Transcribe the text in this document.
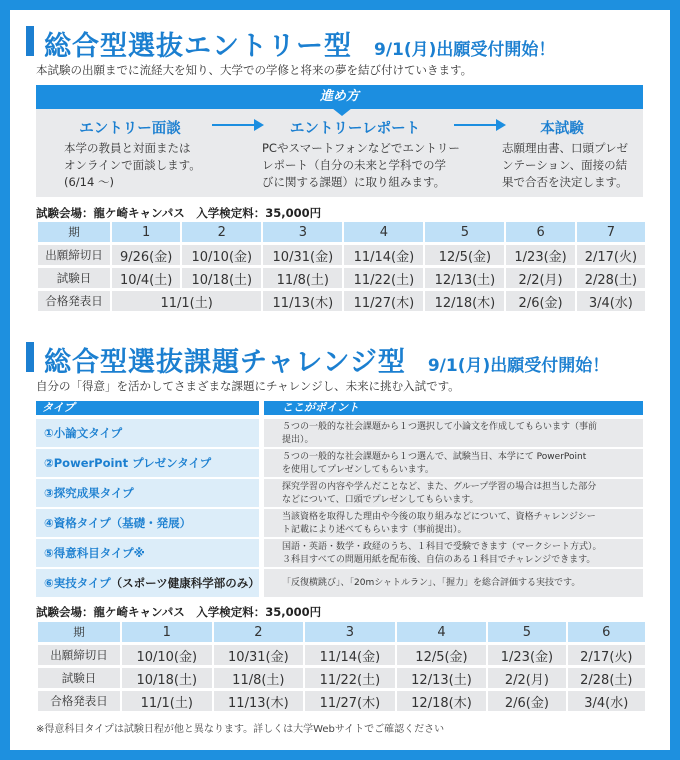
総合型選抜エントリー型 9/1(月)出願受付開始！
本試験の出願までに流経大を知り、大学での学修と将来の夢を結び付けていきます。
進め方
エントリー面談
本学の教員と対面または
オンラインで面談します。
(6/14 〜)
エントリーレポート
PCやスマートフォンなどでエントリー
レポート（自分の未来と学科での学
びに関する課題）に取り組みます。
本試験
志願理由書、口頭プレゼ
ンテーション、面接の結
果で合否を決定します。
試験会場：龍ケ崎キャンパス　入学検定料：35,000円
期	1	2	3	4	5	6	7
出願締切日	9/26(金)	10/10(金)	10/31(金)	11/14(金)	12/5(金)	1/23(金)	2/17(火)
試験日	10/4(土)	10/18(土)	11/8(土)	11/22(土)	12/13(土)	2/2(月)	2/28(土)
合格発表日	11/1(土)		11/13(木)	11/27(木)	12/18(木)	2/6(金)	3/4(水)
総合型選抜課題チャレンジ型 9/1(月)出願受付開始！
自分の「得意」を活かしてさまざまな課題にチャレンジし、未来に挑む入試です。
タイプ	ここがポイント
①小論文タイプ	５つの一般的な社会課題から１つ選択して小論文を作成してもらいます（事前
提出）。
②PowerPoint プレゼンタイプ	５つの一般的な社会課題から１つ選んで、試験当日、本学にて PowerPoint
を使用してプレゼンしてもらいます。
③探究成果タイプ	探究学習の内容や学んだことなど、また、グループ学習の場合は担当した部分
などについて、口頭でプレゼンしてもらいます。
④資格タイプ（基礎・発展）	当該資格を取得した理由や今後の取り組みなどについて、資格チャレンジシー
ト記載により述べてもらいます（事前提出）。
⑤得意科目タイプ※	国語・英語・数学・政経のうち、１科目で受験できます（マークシート方式）。
３科目すべての問題用紙を配布後、自信のある１科目でチャレンジできます。
⑥実技タイプ（スポーツ健康科学部のみ） 「反復横跳び」、「20mシャトルラン」、「握力」を総合評価する実技です。
試験会場：龍ケ崎キャンパス　入学検定料：35,000円
期	1	2	3	4	5	6
出願締切日	10/10(金)	10/31(金)	11/14(金)	12/5(金)	1/23(金)	2/17(火)
試験日	10/18(土)	11/8(土)	11/22(土)	12/13(土)	2/2(月)	2/28(土)
合格発表日	11/1(土)	11/13(木)	11/27(木)	12/18(木)	2/6(金)	3/4(水)
※得意科目タイプは試験日程が他と異なります。詳しくは大学Webサイトでご確認ください
